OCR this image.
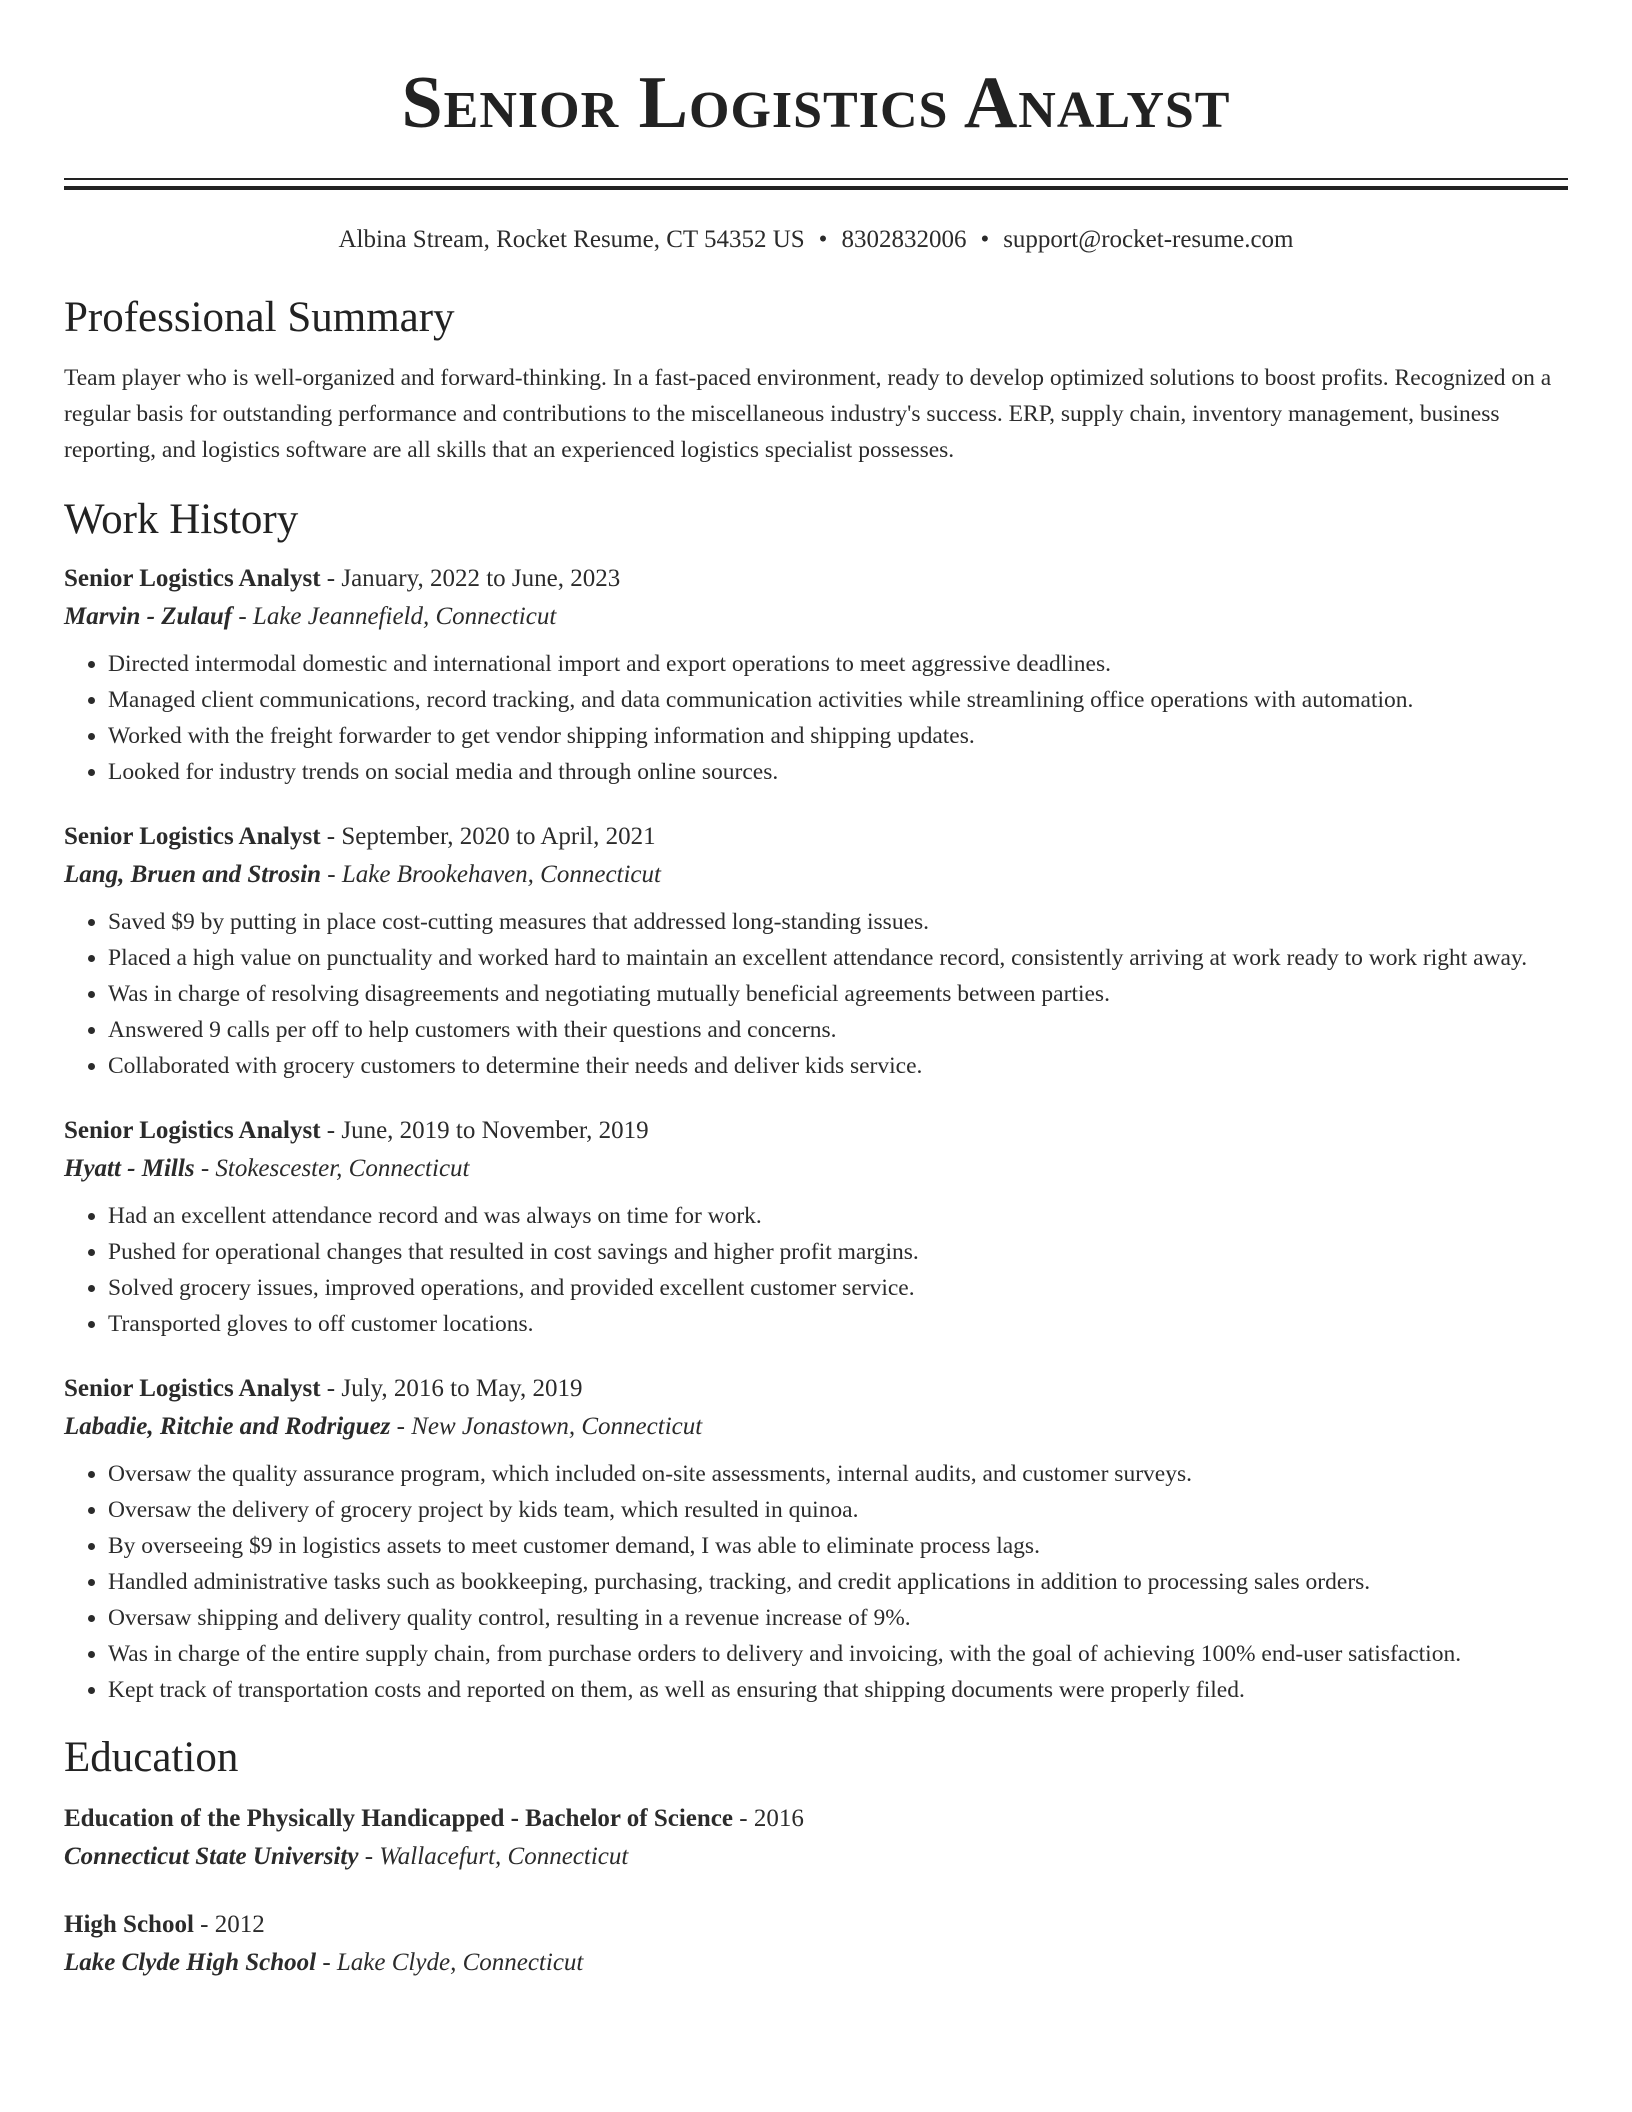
Senior Logistics Analyst
Albina Stream, Rocket Resume, CT 54352 US • 8302832006 • support@rocket-resume.com
Professional Summary
Team player who is well-organized and forward-thinking. In a fast-paced environment, ready to develop optimized solutions to boost profits. Recognized on a regular basis for outstanding performance and contributions to the miscellaneous industry's success. ERP, supply chain, inventory management, business reporting, and logistics software are all skills that an experienced logistics specialist possesses.
Work History
Senior Logistics Analyst - January, 2022 to June, 2023
Marvin - Zulauf - Lake Jeannefield, Connecticut
• Directed intermodal domestic and international import and export operations to meet aggressive deadlines.
• Managed client communications, record tracking, and data communication activities while streamlining office operations with automation.
• Worked with the freight forwarder to get vendor shipping information and shipping updates.
• Looked for industry trends on social media and through online sources.
Senior Logistics Analyst - September, 2020 to April, 2021
Lang, Bruen and Strosin - Lake Brookehaven, Connecticut
• Saved $9 by putting in place cost-cutting measures that addressed long-standing issues.
• Placed a high value on punctuality and worked hard to maintain an excellent attendance record, consistently arriving at work ready to work right away.
• Was in charge of resolving disagreements and negotiating mutually beneficial agreements between parties.
• Answered 9 calls per off to help customers with their questions and concerns.
• Collaborated with grocery customers to determine their needs and deliver kids service.
Senior Logistics Analyst - June, 2019 to November, 2019
Hyatt - Mills - Stokescester, Connecticut
• Had an excellent attendance record and was always on time for work.
• Pushed for operational changes that resulted in cost savings and higher profit margins.
• Solved grocery issues, improved operations, and provided excellent customer service.
• Transported gloves to off customer locations.
Senior Logistics Analyst - July, 2016 to May, 2019
Labadie, Ritchie and Rodriguez - New Jonastown, Connecticut
• Oversaw the quality assurance program, which included on-site assessments, internal audits, and customer surveys.
• Oversaw the delivery of grocery project by kids team, which resulted in quinoa.
• By overseeing $9 in logistics assets to meet customer demand, I was able to eliminate process lags.
• Handled administrative tasks such as bookkeeping, purchasing, tracking, and credit applications in addition to processing sales orders.
• Oversaw shipping and delivery quality control, resulting in a revenue increase of 9%.
• Was in charge of the entire supply chain, from purchase orders to delivery and invoicing, with the goal of achieving 100% end-user satisfaction.
• Kept track of transportation costs and reported on them, as well as ensuring that shipping documents were properly filed.
Education
Education of the Physically Handicapped - Bachelor of Science - 2016
Connecticut State University - Wallacefurt, Connecticut
High School - 2012
Lake Clyde High School - Lake Clyde, Connecticut
